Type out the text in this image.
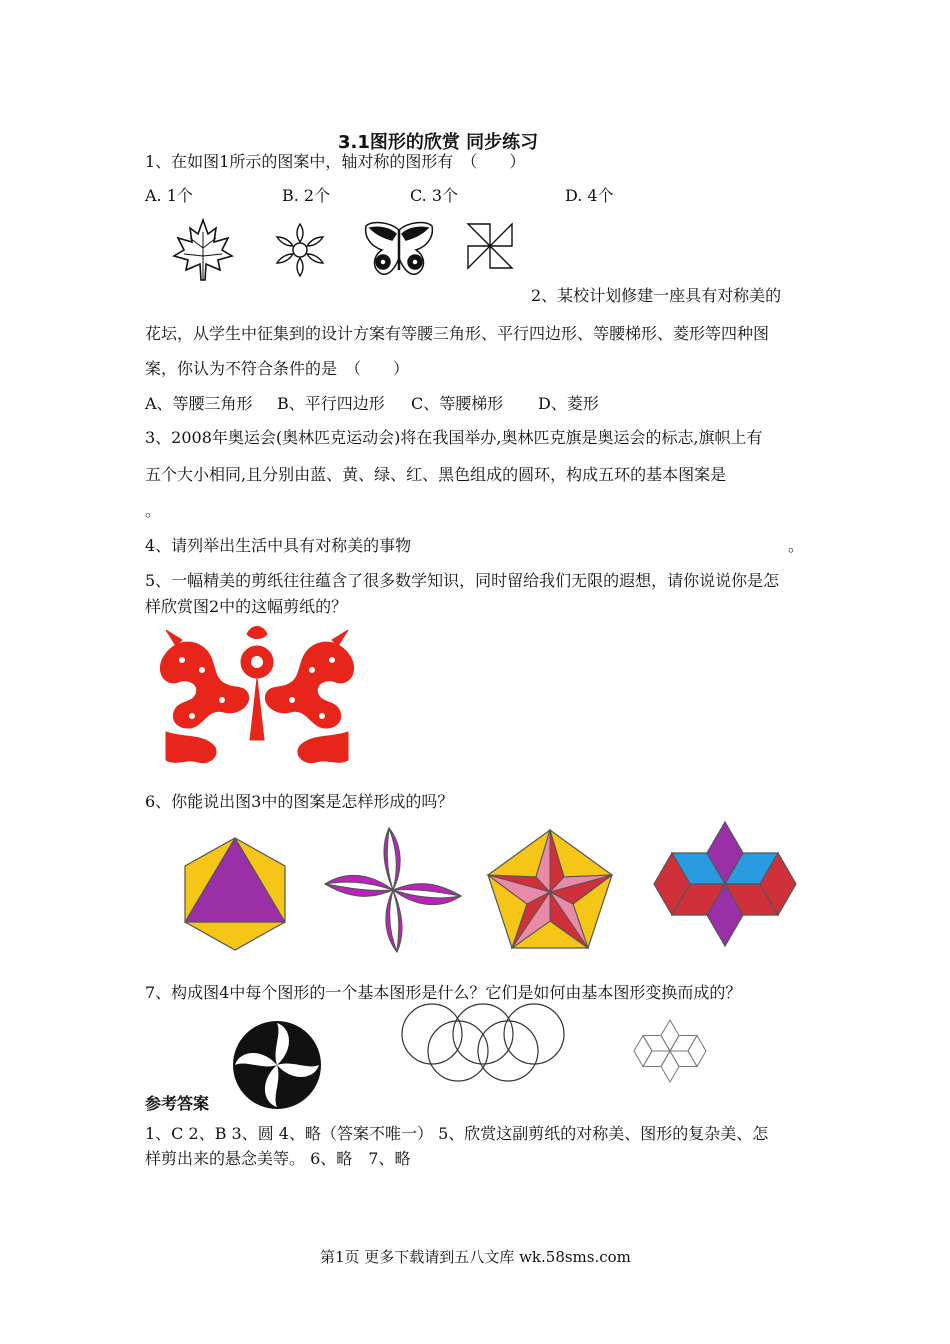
3.1图形的欣赏 同步练习
1、在如图1所示的图案中，轴对称的图形有　（　　）
A. 1个	B. 2个	C. 3个	D. 4个
2、某校计划修建一座具有对称美的
花坛，从学生中征集到的设计方案有等腰三角形、平行四边形、等腰梯形、菱形等四种图
案，你认为不符合条件的是　（　　）
A、等腰三角形 B、平行四边形 C、等腰梯形 D、菱形
3、2008年奥运会(奥林匹克运动会)将在我国举办,奥林匹克旗是奥运会的标志,旗帜上有
五个大小相同,且分别由蓝、黄、绿、红、黑色组成的圆环，构成五环的基本图案是
。
4、请列举出生活中具有对称美的事物	。
5、一幅精美的剪纸往往蕴含了很多数学知识，同时留给我们无限的遐想，请你说说你是怎
样欣赏图2中的这幅剪纸的？
6、你能说出图3中的图案是怎样形成的吗？
7、构成图4中每个图形的一个基本图形是什么？它们是如何由基本图形变换而成的？
参考答案
1、C 2、B 3、圆 4、略（答案不唯一） 5、欣赏这副剪纸的对称美、图形的复杂美、怎
样剪出来的悬念美等。 6、略　7、略
第1页 更多下载请到五八文库 wk.58sms.com
